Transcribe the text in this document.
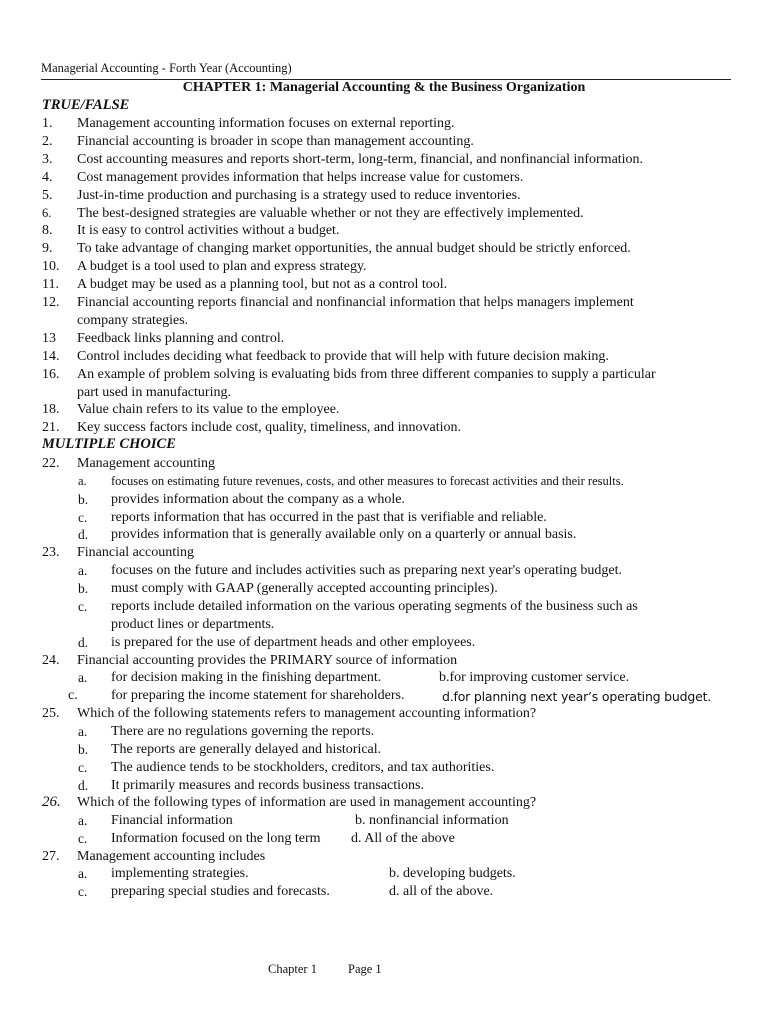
Managerial Accounting - Forth Year (Accounting)
CHAPTER 1: Managerial Accounting & the Business Organization
TRUE/FALSE
1. Management accounting information focuses on external reporting.
2. Financial accounting is broader in scope than management accounting.
3. Cost accounting measures and reports short-term, long-term, financial, and nonfinancial information.
4. Cost management provides information that helps increase value for customers.
5. Just-in-time production and purchasing is a strategy used to reduce inventories.
6. The best-designed strategies are valuable whether or not they are effectively implemented.
8. It is easy to control activities without a budget.
9. To take advantage of changing market opportunities, the annual budget should be strictly enforced.
10. A budget is a tool used to plan and express strategy.
11. A budget may be used as a planning tool, but not as a control tool.
12. Financial accounting reports financial and nonfinancial information that helps managers implement
company strategies.
13 Feedback links planning and control.
14. Control includes deciding what feedback to provide that will help with future decision making.
16. An example of problem solving is evaluating bids from three different companies to supply a particular
part used in manufacturing.
18. Value chain refers to its value to the employee.
21. Key success factors include cost, quality, timeliness, and innovation.
MULTIPLE CHOICE
22. Management accounting
a. focuses on estimating future revenues, costs, and other measures to forecast activities and their results.
b. provides information about the company as a whole.
c. reports information that has occurred in the past that is verifiable and reliable.
d. provides information that is generally available only on a quarterly or annual basis.
23. Financial accounting
a. focuses on the future and includes activities such as preparing next year's operating budget.
b. must comply with GAAP (generally accepted accounting principles).
c. reports include detailed information on the various operating segments of the business such as
product lines or departments.
d. is prepared for the use of department heads and other employees.
24. Financial accounting provides the PRIMARY source of information
a. for decision making in the finishing department.	b.for improving customer service.
c. for preparing the income statement for shareholders.	d.for planning next year’s operating budget.
25. Which of the following statements refers to management accounting information?
a. There are no regulations governing the reports.
b. The reports are generally delayed and historical.
c. The audience tends to be stockholders, creditors, and tax authorities.
d. It primarily measures and records business transactions.
26. Which of the following types of information are used in management accounting?
a. Financial information	b. nonfinancial information
c. Information focused on the long term d. All of the above
27. Management accounting includes
a. implementing strategies.	b. developing budgets.
c. preparing special studies and forecasts.	d. all of the above.
Chapter 1 Page 1
